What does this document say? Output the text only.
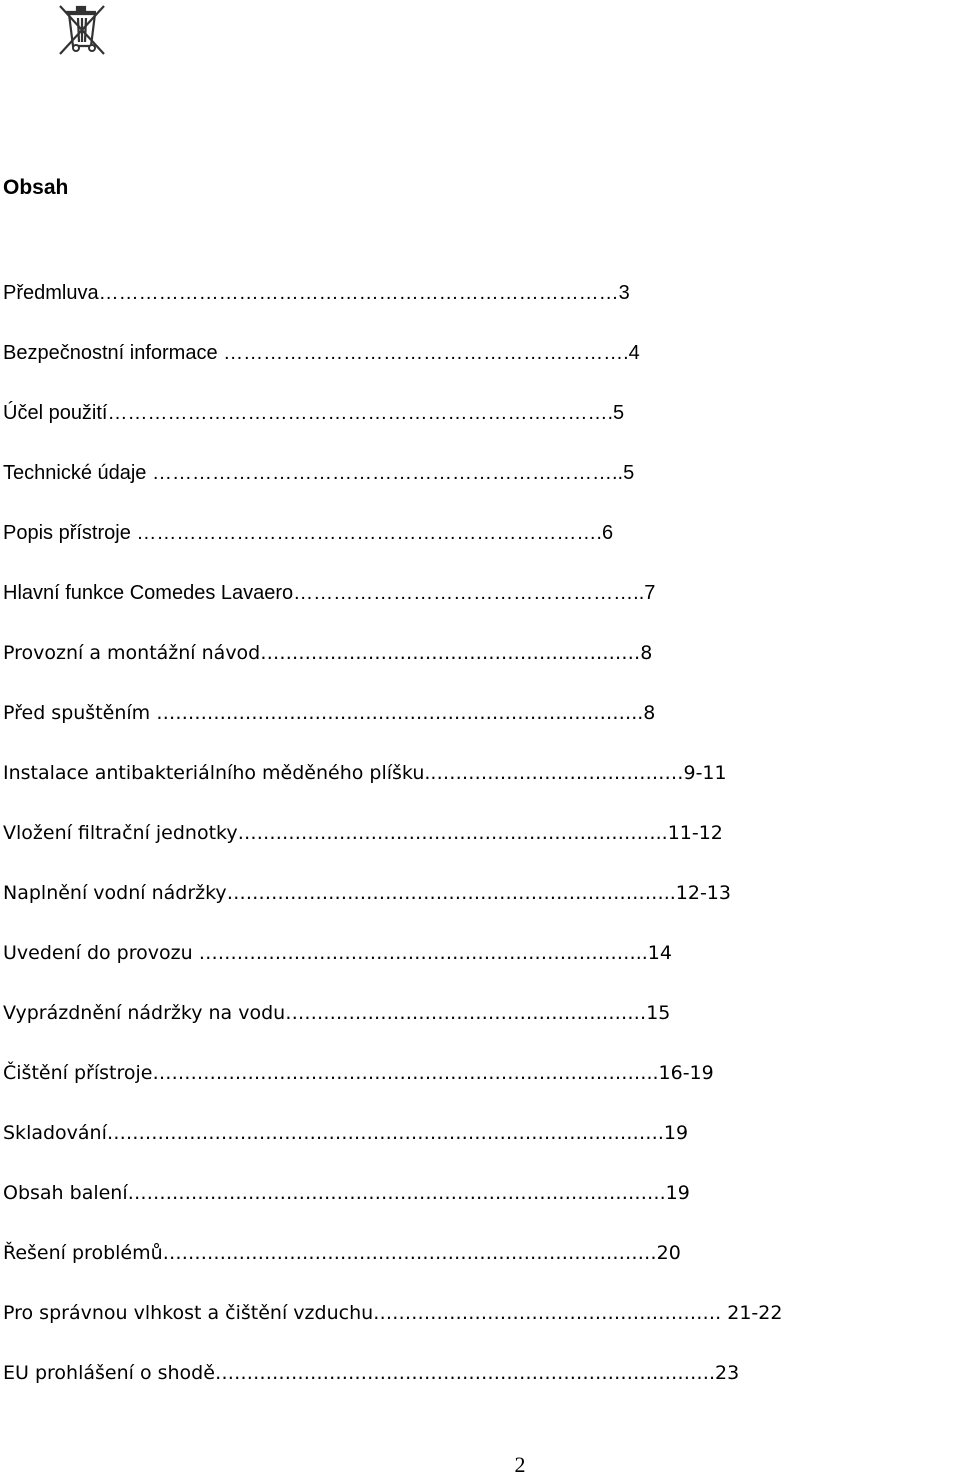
Obsah
Předmluva……………………………………………………………………3
Bezpečnostní informace …………………………………………………….4
Účel použití………………………………………………………………….5
Technické údaje ……………………………………………………………..5
Popis přístroje …………………………………………………………….6
Hlavní funkce Comedes Lavaero……………………………………………..7
Provozní a montážní návod……………………………………………………8
Před spuštěním …………………………………………………………………..8
Instalace antibakteriálního měděného plíšku..…………………………………9-11
Vložení filtrační jednotky…………………………………………………………..11-12
Naplnění vodní nádržky……………………………………………………………..12-13
Uvedení do provozu ……………………………………………………………..14
Vyprázdnění nádržky na vodu…………………………………………………15
Čištění přístroje……………………………………………………………………..16-19
Skladování…………………………………………………………………………….19
Obsah balení………………………………………………………………………….19
Řešení problémů……………………………………………………………………20
Pro správnou vlhkost a čištění vzduchu………………………………………………. 21-22
EU prohlášení o shodě…………………………………………………………………….23
2
